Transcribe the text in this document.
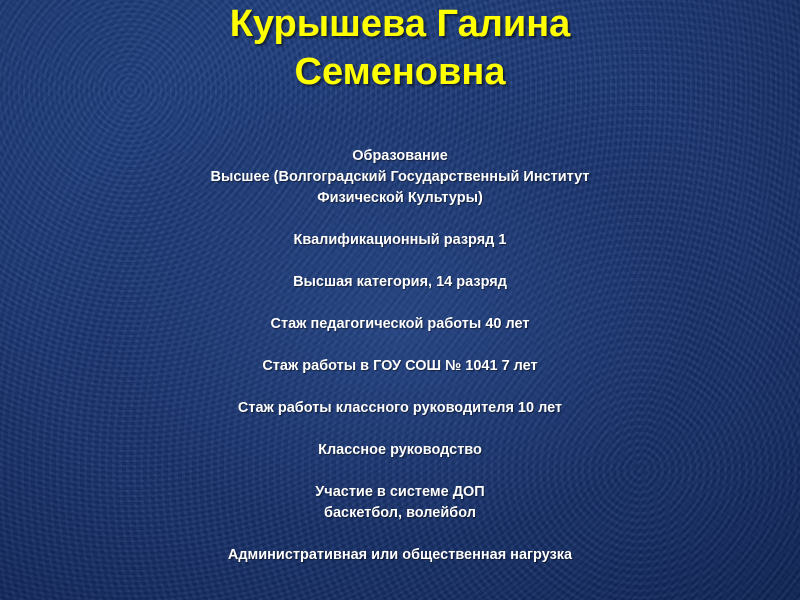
Курышева Галина
Семеновна
Образование
Высшее (Волгоградский Государственный Институт
Физической Культуры)
Квалификационный разряд 1
Высшая категория, 14 разряд
Стаж педагогической работы 40 лет
Стаж работы в ГОУ СОШ № 1041 7 лет
Стаж работы классного руководителя 10 лет
Классное руководство
Участие в системе ДОП
баскетбол, волейбол
Административная или общественная нагрузка
